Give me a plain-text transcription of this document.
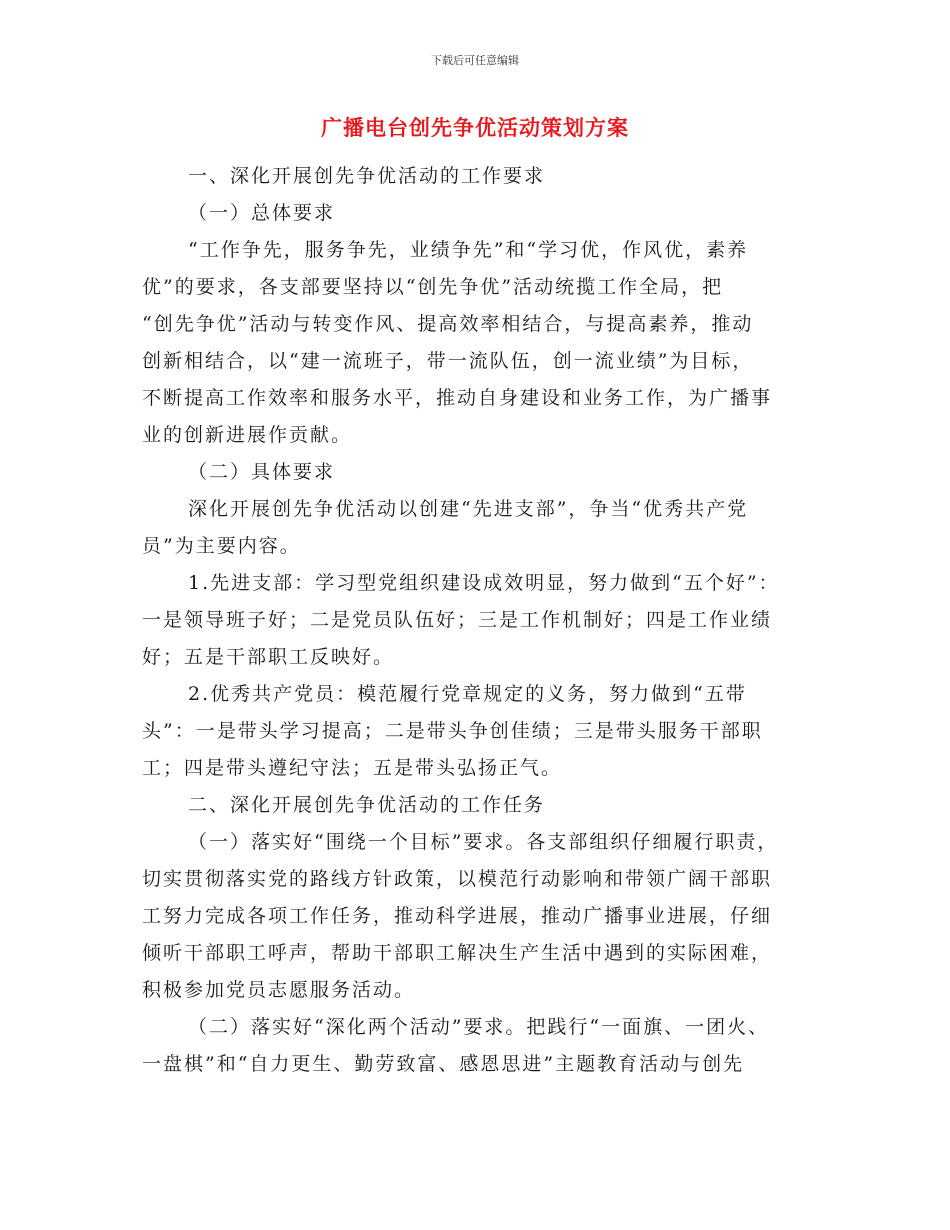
下载后可任意编辑
广播电台创先争优活动策划方案
一、深化开展创先争优活动的工作要求
（一）总体要求
“工作争先，服务争先，业绩争先”和“学习优，作风优，素养
优”的要求，各支部要坚持以“创先争优”活动统揽工作全局，把
“创先争优”活动与转变作风、提高效率相结合，与提高素养，推动
创新相结合，以“建一流班子，带一流队伍，创一流业绩”为目标，
不断提高工作效率和服务水平，推动自身建设和业务工作，为广播事
业的创新进展作贡献。
（二）具体要求
深化开展创先争优活动以创建“先进支部”，争当“优秀共产党
员”为主要内容。
1.先进支部：学习型党组织建设成效明显，努力做到“五个好”：
一是领导班子好；二是党员队伍好；三是工作机制好；四是工作业绩
好；五是干部职工反映好。
2.优秀共产党员：模范履行党章规定的义务，努力做到“五带
头”：一是带头学习提高；二是带头争创佳绩；三是带头服务干部职
工；四是带头遵纪守法；五是带头弘扬正气。
二、深化开展创先争优活动的工作任务
（一）落实好“围绕一个目标”要求。各支部组织仔细履行职责，
切实贯彻落实党的路线方针政策，以模范行动影响和带领广阔干部职
工努力完成各项工作任务，推动科学进展，推动广播事业进展，仔细
倾听干部职工呼声，帮助干部职工解决生产生活中遇到的实际困难，
积极参加党员志愿服务活动。
（二）落实好“深化两个活动”要求。把践行“一面旗、一团火、
一盘棋”和“自力更生、勤劳致富、感恩思进”主题教育活动与创先
